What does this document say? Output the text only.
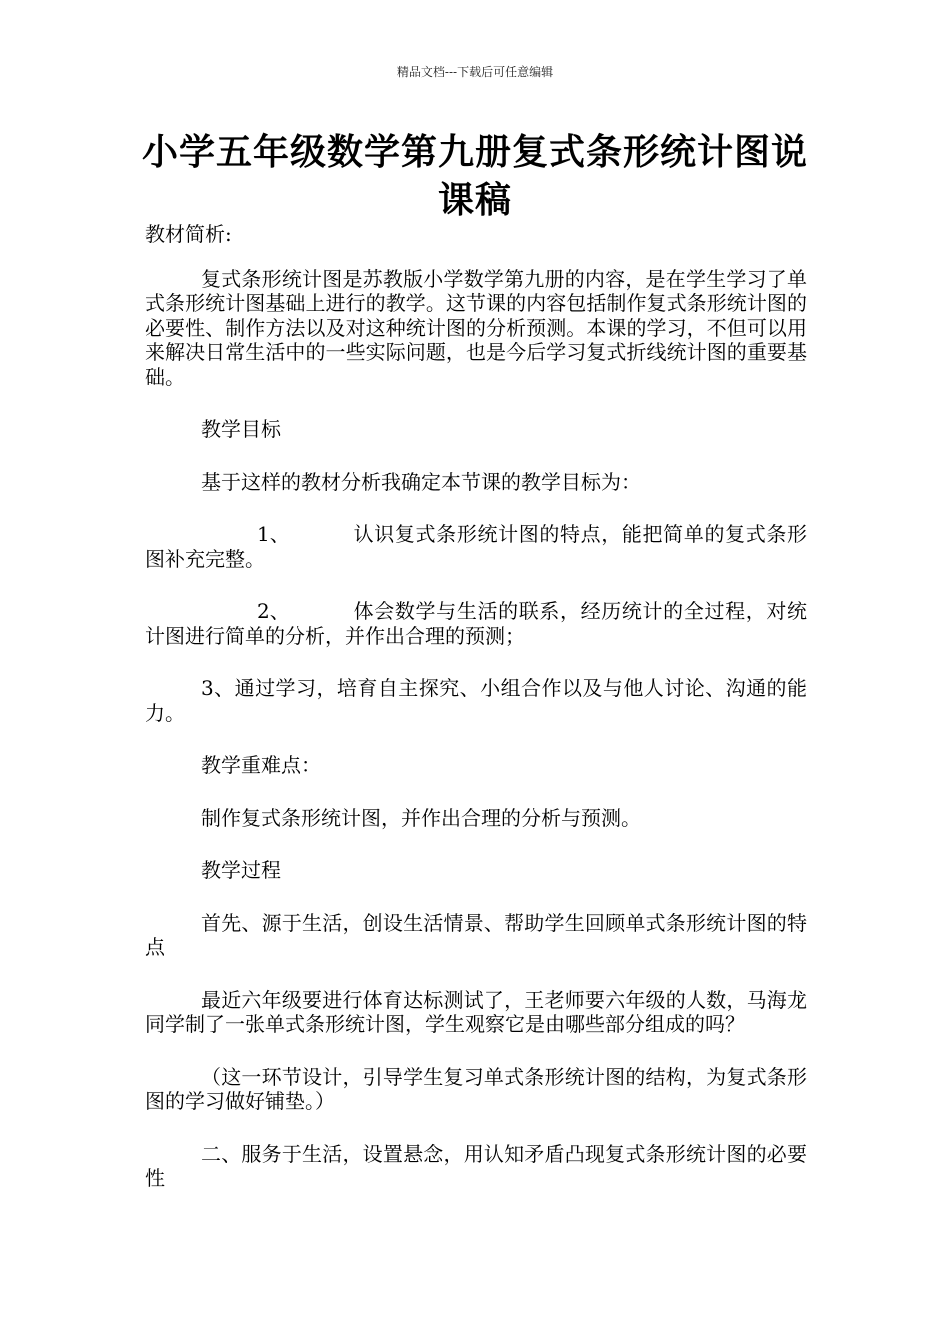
精品文档---下载后可任意编辑
小学五年级数学第九册复式条形统计图说课稿

教材简析:

复式条形统计图是苏教版小学数学第九册的内容，是在学生学习了单式条形统计图基础上进行的教学。这节课的内容包括制作复式条形统计图的必要性、制作方法以及对这种统计图的分析预测。本课的学习，不但可以用来解决日常生活中的一些实际问题，也是今后学习复式折线统计图的重要基础。

教学目标

基于这样的教材分析我确定本节课的教学目标为：

1、	认识复式条形统计图的特点，能把简单的复式条形图补充完整。

2、	体会数学与生活的联系，经历统计的全过程，对统计图进行简单的分析，并作出合理的预测；

3、通过学习，培育自主探究、小组合作以及与他人讨论、沟通的能力。

教学重难点：

制作复式条形统计图，并作出合理的分析与预测。

教学过程

首先、源于生活，创设生活情景、帮助学生回顾单式条形统计图的特点

最近六年级要进行体育达标测试了，王老师要六年级的人数，马海龙同学制了一张单式条形统计图，学生观察它是由哪些部分组成的吗？

（这一环节设计，引导学生复习单式条形统计图的结构，为复式条形图的学习做好铺垫。）

二、服务于生活，设置悬念，用认知矛盾凸现复式条形统计图的必要性
